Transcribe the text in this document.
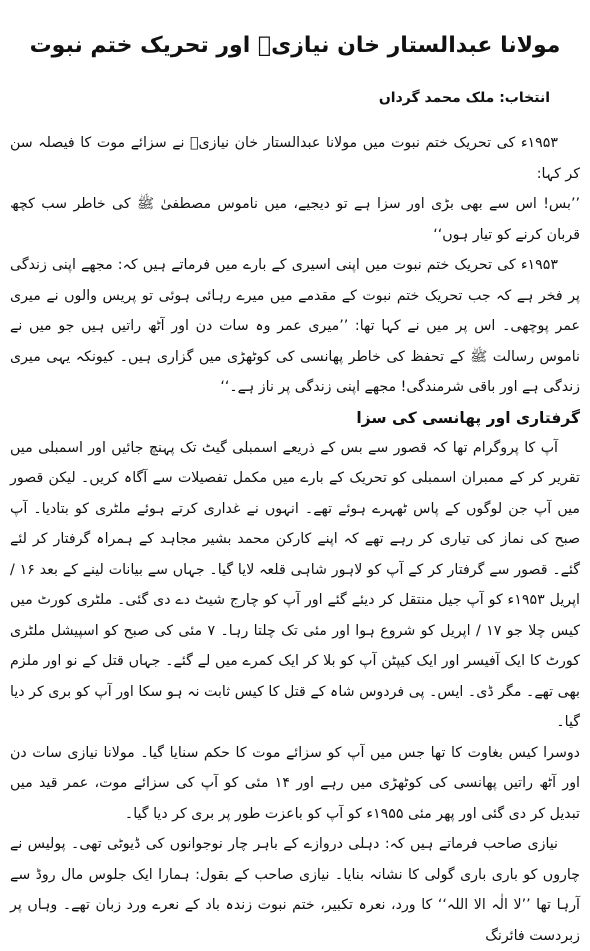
مولانا عبدالستار خان نیازیؒ اور تحریک ختم نبوت
انتخاب: ملک محمد گرداں

۱۹۵۳ء کی تحریک ختم نبوت میں مولانا عبدالستار خان نیازیؒ نے سزائے موت کا فیصلہ سن کر کہا:

’’بس! اس سے بھی بڑی اور سزا ہے تو دیجیے، میں ناموس مصطفیٰ ﷺ کی خاطر سب کچھ قربان کرنے کو تیار ہوں‘‘

۱۹۵۳ء کی تحریک ختم نبوت میں اپنی اسیری کے بارے میں فرماتے ہیں کہ: مجھے اپنی زندگی پر فخر ہے کہ جب تحریک ختم نبوت کے مقدمے میں میرے رہائی ہوئی تو پریس والوں نے میری عمر پوچھی۔ اس پر میں نے کہا تھا: ’’میری عمر وہ سات دن اور آٹھ راتیں ہیں جو میں نے ناموس رسالت ﷺ کے تحفظ کی خاطر پھانسی کی کوٹھڑی میں گزاری ہیں۔ کیونکہ یہی میری زندگی ہے اور باقی شرمندگی! مجھے اپنی زندگی پر ناز ہے۔‘‘

گرفتاری اور پھانسی کی سزا

آپ کا پروگرام تھا کہ قصور سے بس کے ذریعے اسمبلی گیٹ تک پہنچ جائیں اور اسمبلی میں تقریر کر کے ممبران اسمبلی کو تحریک کے بارے میں مکمل تفصیلات سے آگاہ کریں۔ لیکن قصور میں آپ جن لوگوں کے پاس ٹھہرے ہوئے تھے۔ انہوں نے غداری کرتے ہوئے ملٹری کو بتادیا۔ آپ صبح کی نماز کی تیاری کر رہے تھے کہ اپنے کارکن محمد بشیر مجاہد کے ہمراہ گرفتار کر لئے گئے۔ قصور سے گرفتار کر کے آپ کو لاہور شاہی قلعہ لایا گیا۔ جہاں سے بیانات لینے کے بعد ۱۶ / اپریل ۱۹۵۳ء کو آپ جیل منتقل کر دیئے گئے اور آپ کو چارج شیٹ دے دی گئی۔ ملٹری کورٹ میں کیس چلا جو ۱۷ / اپریل کو شروع ہوا اور مئی تک چلتا رہا۔ ۷ مئی کی صبح کو اسپیشل ملٹری کورٹ کا ایک آفیسر اور ایک کیپٹن آپ کو بلا کر ایک کمرے میں لے گئے۔ جہاں قتل کے نو اور ملزم بھی تھے۔ مگر ڈی۔ ایس۔ پی فردوس شاہ کے قتل کا کیس ثابت نہ ہو سکا اور آپ کو بری کر دیا گیا۔

دوسرا کیس بغاوت کا تھا جس میں آپ کو سزائے موت کا حکم سنایا گیا۔ مولانا نیازی سات دن اور آٹھ راتیں پھانسی کی کوٹھڑی میں رہے اور ۱۴ مئی کو آپ کی سزائے موت، عمر قید میں تبدیل کر دی گئی اور پھر مئی ۱۹۵۵ء کو آپ کو باعزت طور پر بری کر دیا گیا۔

نیازی صاحب فرماتے ہیں کہ: دہلی دروازے کے باہر چار نوجوانوں کی ڈیوٹی تھی۔ پولیس نے چاروں کو باری باری گولی کا نشانہ بنایا۔ نیازی صاحب کے بقول: ہمارا ایک جلوس مال روڈ سے آرہا تھا ’’لا الٰہ الا اللہ‘‘ کا ورد، نعرہ تکبیر، ختم نبوت زندہ باد کے نعرے ورد زبان تھے۔ وہاں پر زبردست فائرنگ
